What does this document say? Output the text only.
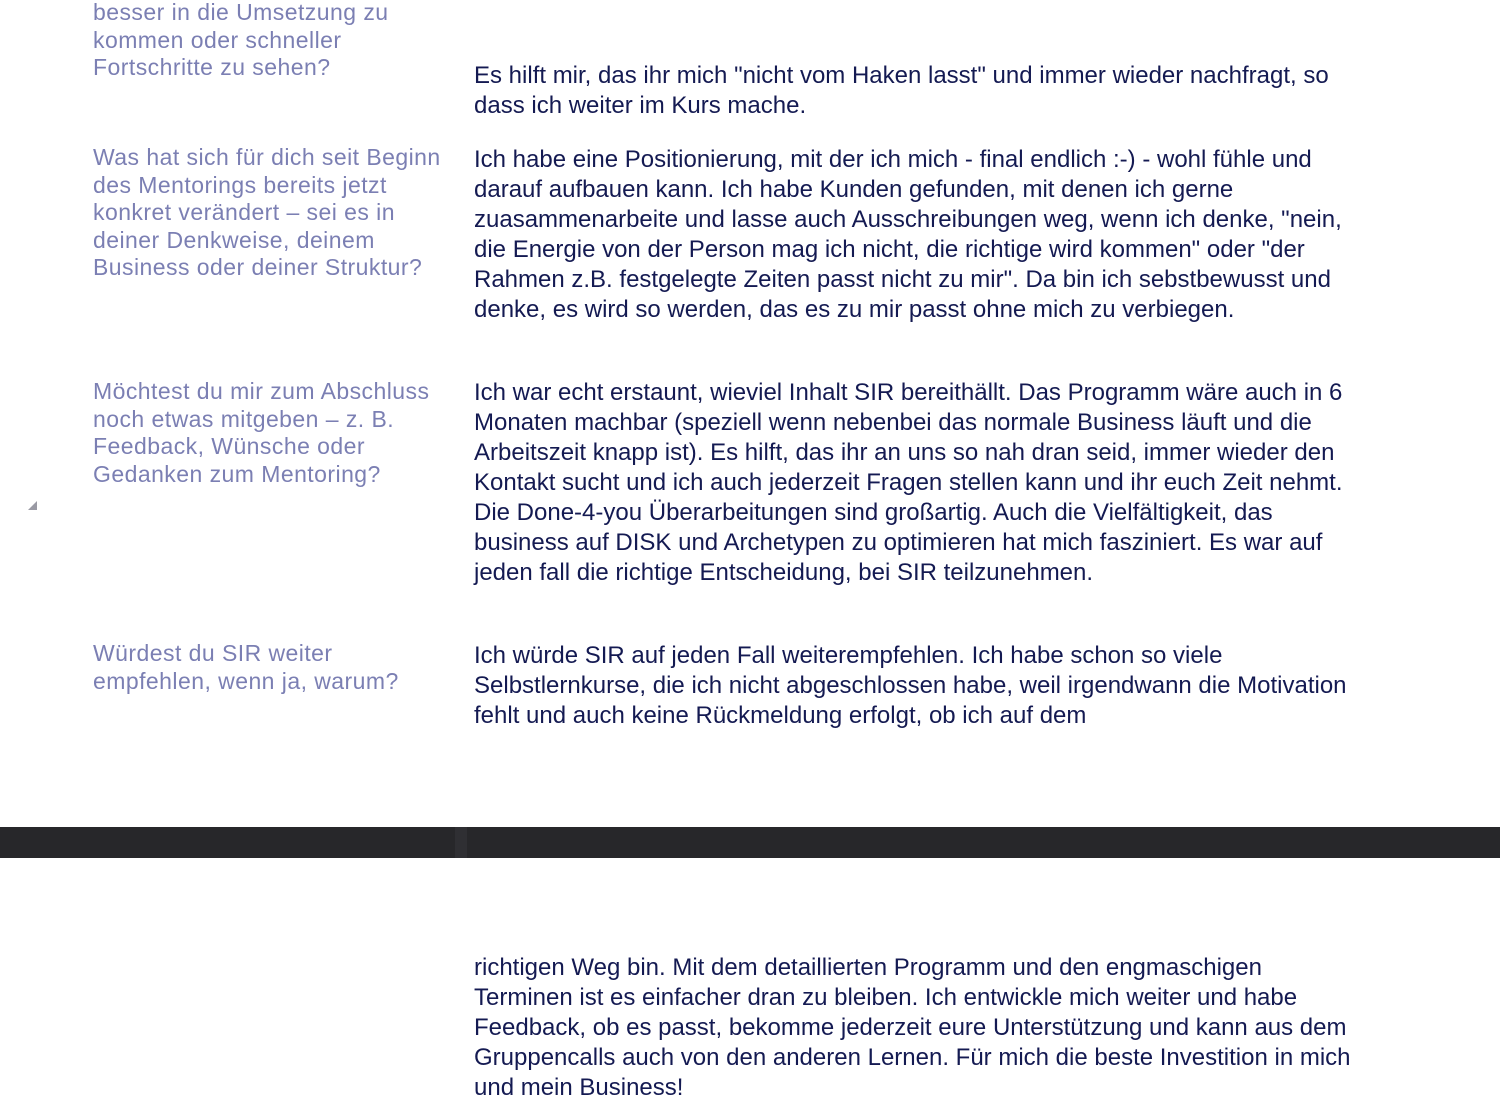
besser in die Umsetzung zu kommen oder schneller Fortschritte zu sehen?	Es hilft mir, das ihr mich "nicht vom Haken lasst" und immer wieder nachfragt, so dass ich weiter im Kurs mache.

Was hat sich für dich seit Beginn des Mentorings bereits jetzt konkret verändert – sei es in deiner Denkweise, deinem Business oder deiner Struktur?

Ich habe eine Positionierung, mit der ich mich - final endlich :-) - wohl fühle und darauf aufbauen kann. Ich habe Kunden gefunden, mit denen ich gerne zuasammenarbeite und lasse auch Ausschreibungen weg, wenn ich denke, "nein, die Energie von der Person mag ich nicht, die richtige wird kommen" oder "der Rahmen z.B. festgelegte Zeiten passt nicht zu mir". Da bin ich sebstbewusst und denke, es wird so werden, das es zu mir passt ohne mich zu verbiegen.

Möchtest du mir zum Abschluss noch etwas mitgeben – z. B. Feedback, Wünsche oder Gedanken zum Mentoring?

Ich war echt erstaunt, wieviel Inhalt SIR bereithällt. Das Programm wäre auch in 6 Monaten machbar (speziell wenn nebenbei das normale Business läuft und die Arbeitszeit knapp ist). Es hilft, das ihr an uns so nah dran seid, immer wieder den Kontakt sucht und ich auch jederzeit Fragen stellen kann und ihr euch Zeit nehmt. Die Done-4-you Überarbeitungen sind großartig. Auch die Vielfältigkeit, das business auf DISK und Archetypen zu optimieren hat mich fasziniert. Es war auf jeden fall die richtige Entscheidung, bei SIR teilzunehmen.

Würdest du SIR weiter empfehlen, wenn ja, warum?

Ich würde SIR auf jeden Fall weiterempfehlen. Ich habe schon so viele Selbstlernkurse, die ich nicht abgeschlossen habe, weil irgendwann die Motivation fehlt und auch keine Rückmeldung erfolgt, ob ich auf dem

richtigen Weg bin. Mit dem detaillierten Programm und den engmaschigen Terminen ist es einfacher dran zu bleiben. Ich entwickle mich weiter und habe Feedback, ob es passt, bekomme jederzeit eure Unterstützung und kann aus dem Gruppencalls auch von den anderen Lernen. Für mich die beste Investition in mich und mein Business!
